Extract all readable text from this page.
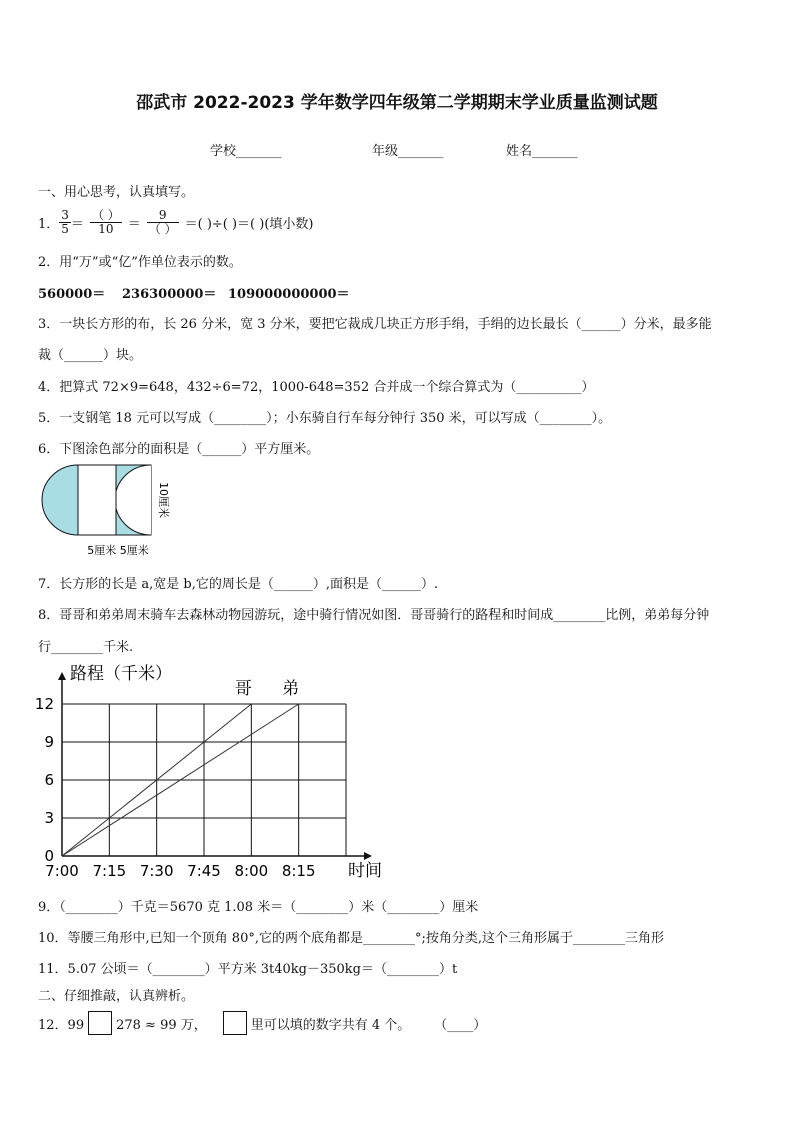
邵武市 2022-2023 学年数学四年级第二学期期末学业质量监测试题
学校_______	年级_______	姓名_______
一、用心思考，认真填写。
1． $\frac{3}{5} = \frac{( )}{10} = \frac{9}{( )}$ ＝( )÷( )＝( )(填小数)
2．用“万”或“亿”作单位表示的数。
560000＝ 236300000＝ 109000000000＝
3．一块长方形的布，长 26 分米，宽 3 分米，要把它裁成几块正方形手绢，手绢的边长最长（______）分米，最多能
裁（______）块。
4．把算式 72×9=648，432÷6=72，1000-648=352 合并成一个综合算式为（__________）
5．一支钢笔 18 元可以写成（________）；小东骑自行车每分钟行 350 米，可以写成（________）。
6．下图涂色部分的面积是（______）平方厘米。
10厘米
5厘米 5厘米
7．长方形的长是 a,宽是 b,它的周长是（______）,面积是（______）.
8．哥哥和弟弟周末骑车去森林动物园游玩，途中骑行情况如图．哥哥骑行的路程和时间成________比例，弟弟每分钟
行________千米.
0
3
6
9
12
7:00 7:15 7:30 7:45 8:00 8:15
路程（千米）
时间
哥 弟
9．（________）千克＝5670 克 1.08 米＝（________）米（________）厘米
10．等腰三角形中,已知一个顶角 80°,它的两个底角都是________°;按角分类,这个三角形属于________三角形
11．5.07 公顷＝（________）平方米 3t40kg－350kg＝（________）t
二、仔细推敲，认真辨析。
12．99 278 ≈ 99 万，	里可以填的数字共有 4 个。 （____）
